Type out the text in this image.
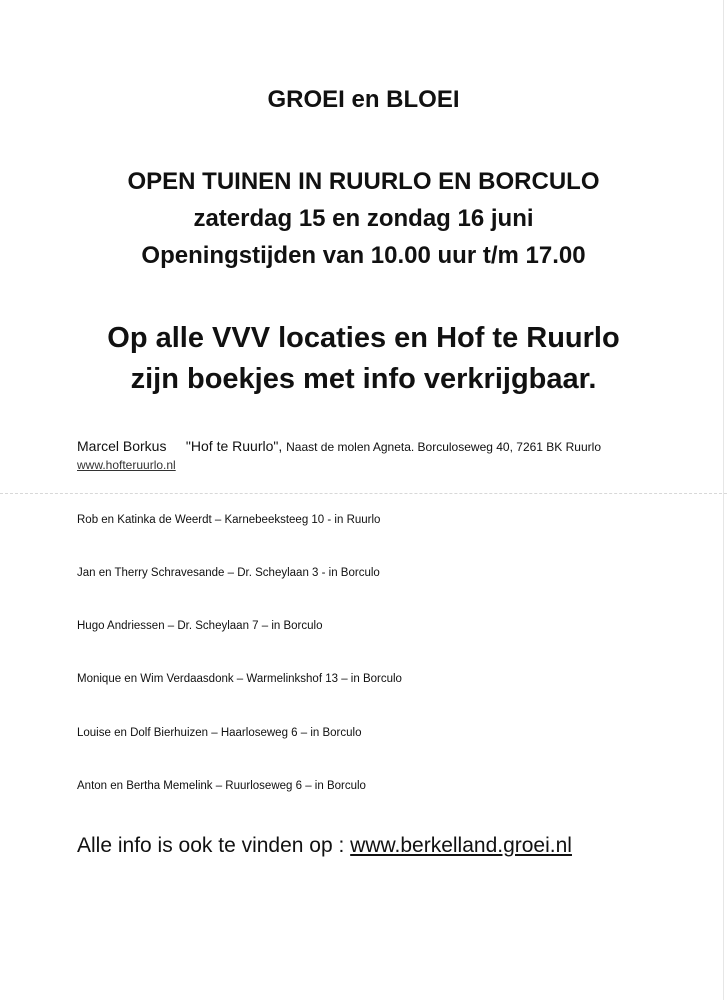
GROEI en BLOEI
OPEN TUINEN IN RUURLO EN BORCULO
zaterdag 15 en zondag 16 juni
Openingstijden van 10.00 uur t/m 17.00
Op alle VVV locaties en Hof te Ruurlo
zijn boekjes met info verkrijgbaar.
Marcel Borkus "Hof te Ruurlo", Naast de molen Agneta. Borculoseweg 40, 7261 BK Ruurlo
www.hofteruurlo.nl
Rob en Katinka de Weerdt – Karnebeeksteeg 10 - in Ruurlo
Jan en Therry Schravesande – Dr. Scheylaan 3 - in Borculo
Hugo Andriessen – Dr. Scheylaan 7 – in Borculo
Monique en Wim Verdaasdonk – Warmelinkshof 13 – in Borculo
Louise en Dolf Bierhuizen – Haarloseweg 6 – in Borculo
Anton en Bertha Memelink – Ruurloseweg 6 – in Borculo
Alle info is ook te vinden op : www.berkelland.groei.nl
